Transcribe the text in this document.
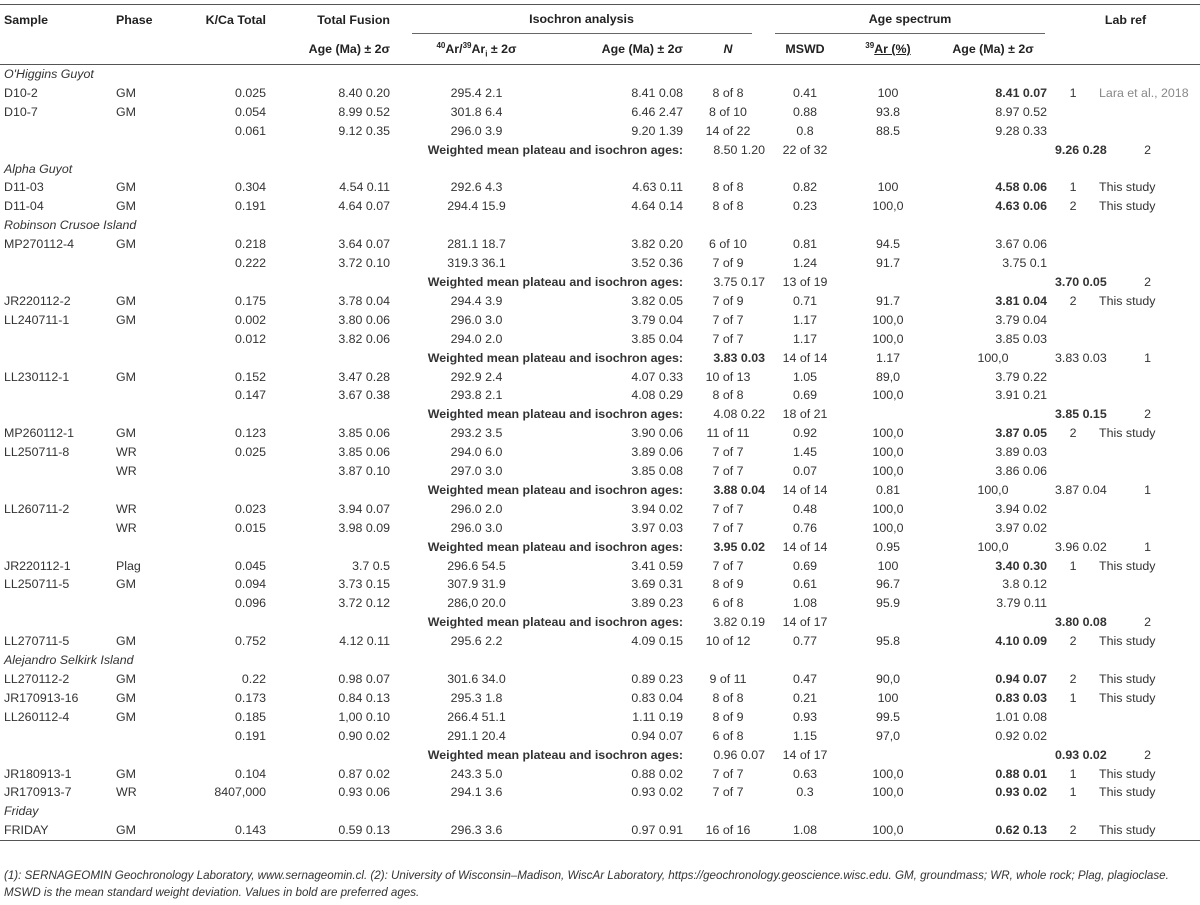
Sample	Phase	K/Ca Total	Total Fusion	Isochron analysis			Age spectrum			Lab ref		
			Age (Ma) ± 2σ	$^{40}Ar/^{39}Ar_i \pm 2\sigma$	Age (Ma) ± 2σ	N	MSWD	$^{39}$Ar (%)	Age (Ma) ± 2σ			
O'Higgins Guyot												
D10-2	GM	0.025	8.40 0.20	295.4 2.1	8.41 0.08	8 of 8	0.41	100	8.41 0.07	1	Lara et al., 2018	
D10-7	GM	0.054	8.99 0.52	301.8 6.4	6.46 2.47	8 of 10	0.88	93.8	8.97 0.52			
		0.061	9.12 0.35	296.0 3.9	9.20 1.39	14 of 22	0.8	88.5	9.28 0.33			
			Weighted mean plateau and isochron ages:			8.50 1.20	22 of 32			9.26 0.28	2	
Alpha Guyot												
D11-03	GM	0.304	4.54 0.11	292.6 4.3	4.63 0.11	8 of 8	0.82	100	4.58 0.06	1	This study	
D11-04	GM	0.191	4.64 0.07	294.4 15.9	4.64 0.14	8 of 8	0.23	100,0	4.63 0.06	2	This study	
Robinson Crusoe Island												
MP270112-4	GM	0.218	3.64 0.07	281.1 18.7	3.82 0.20	6 of 10	0.81	94.5	3.67 0.06			
		0.222	3.72 0.10	319.3 36.1	3.52 0.36	7 of 9	1.24	91.7	3.75 0.1			
			Weighted mean plateau and isochron ages:			3.75 0.17	13 of 19			3.70 0.05	2	
JR220112-2	GM	0.175	3.78 0.04	294.4 3.9	3.82 0.05	7 of 9	0.71	91.7	3.81 0.04	2	This study	
LL240711-1	GM	0.002	3.80 0.06	296.0 3.0	3.79 0.04	7 of 7	1.17	100,0	3.79 0.04			
		0.012	3.82 0.06	294.0 2.0	3.85 0.04	7 of 7	1.17	100,0	3.85 0.03			
			Weighted mean plateau and isochron ages:			3.83 0.03	14 of 14	1.17	100,0	3.83 0.03	1	
LL230112-1	GM	0.152	3.47 0.28	292.9 2.4	4.07 0.33	10 of 13	1.05	89,0	3.79 0.22			
		0.147	3.67 0.38	293.8 2.1	4.08 0.29	8 of 8	0.69	100,0	3.91 0.21			
			Weighted mean plateau and isochron ages:			4.08 0.22	18 of 21			3.85 0.15	2	
MP260112-1	GM	0.123	3.85 0.06	293.2 3.5	3.90 0.06	11 of 11	0.92	100,0	3.87 0.05	2	This study	
LL250711-8	WR	0.025	3.85 0.06	294.0 6.0	3.89 0.06	7 of 7	1.45	100,0	3.89 0.03			
	WR		3.87 0.10	297.0 3.0	3.85 0.08	7 of 7	0.07	100,0	3.86 0.06			
			Weighted mean plateau and isochron ages:			3.88 0.04	14 of 14	0.81	100,0	3.87 0.04	1	
LL260711-2	WR	0.023	3.94 0.07	296.0 2.0	3.94 0.02	7 of 7	0.48	100,0	3.94 0.02			
	WR	0.015	3.98 0.09	296.0 3.0	3.97 0.03	7 of 7	0.76	100,0	3.97 0.02			
			Weighted mean plateau and isochron ages:			3.95 0.02	14 of 14	0.95	100,0	3.96 0.02	1	
JR220112-1	Plag	0.045	3.7 0.5	296.6 54.5	3.41 0.59	7 of 7	0.69	100	3.40 0.30	1	This study	
LL250711-5	GM	0.094	3.73 0.15	307.9 31.9	3.69 0.31	8 of 9	0.61	96.7	3.8 0.12			
		0.096	3.72 0.12	286,0 20.0	3.89 0.23	6 of 8	1.08	95.9	3.79 0.11			
			Weighted mean plateau and isochron ages:			3.82 0.19	14 of 17			3.80 0.08	2	
LL270711-5	GM	0.752	4.12 0.11	295.6 2.2	4.09 0.15	10 of 12	0.77	95.8	4.10 0.09	2	This study	
Alejandro Selkirk Island												
LL270112-2	GM	0.22	0.98 0.07	301.6 34.0	0.89 0.23	9 of 11	0.47	90,0	0.94 0.07	2	This study	
JR170913-16	GM	0.173	0.84 0.13	295.3 1.8	0.83 0.04	8 of 8	0.21	100	0.83 0.03	1	This study	
LL260112-4	GM	0.185	1,00 0.10	266.4 51.1	1.11 0.19	8 of 9	0.93	99.5	1.01 0.08			
		0.191	0.90 0.02	291.1 20.4	0.94 0.07	6 of 8	1.15	97,0	0.92 0.02			
			Weighted mean plateau and isochron ages:			0.96 0.07	14 of 17			0.93 0.02	2	
JR180913-1	GM	0.104	0.87 0.02	243.3 5.0	0.88 0.02	7 of 7	0.63	100,0	0.88 0.01	1	This study	
JR170913-7	WR	8407,000	0.93 0.06	294.1 3.6	0.93 0.02	7 of 7	0.3	100,0	0.93 0.02	1	This study	
Friday												
FRIDAY	GM	0.143	0.59 0.13	296.3 3.6	0.97 0.91	16 of 16	1.08	100,0	0.62 0.13	2	This study	
(1): SERNAGEOMIN Geochronology Laboratory, www.sernageomin.cl. (2): University of Wisconsin–Madison, WiscAr Laboratory, https://geochronology.geoscience.wisc.edu. GM, groundmass; WR, whole rock; Plag, plagioclase. MSWD is the mean standard weight deviation. Values in bold are preferred ages.
